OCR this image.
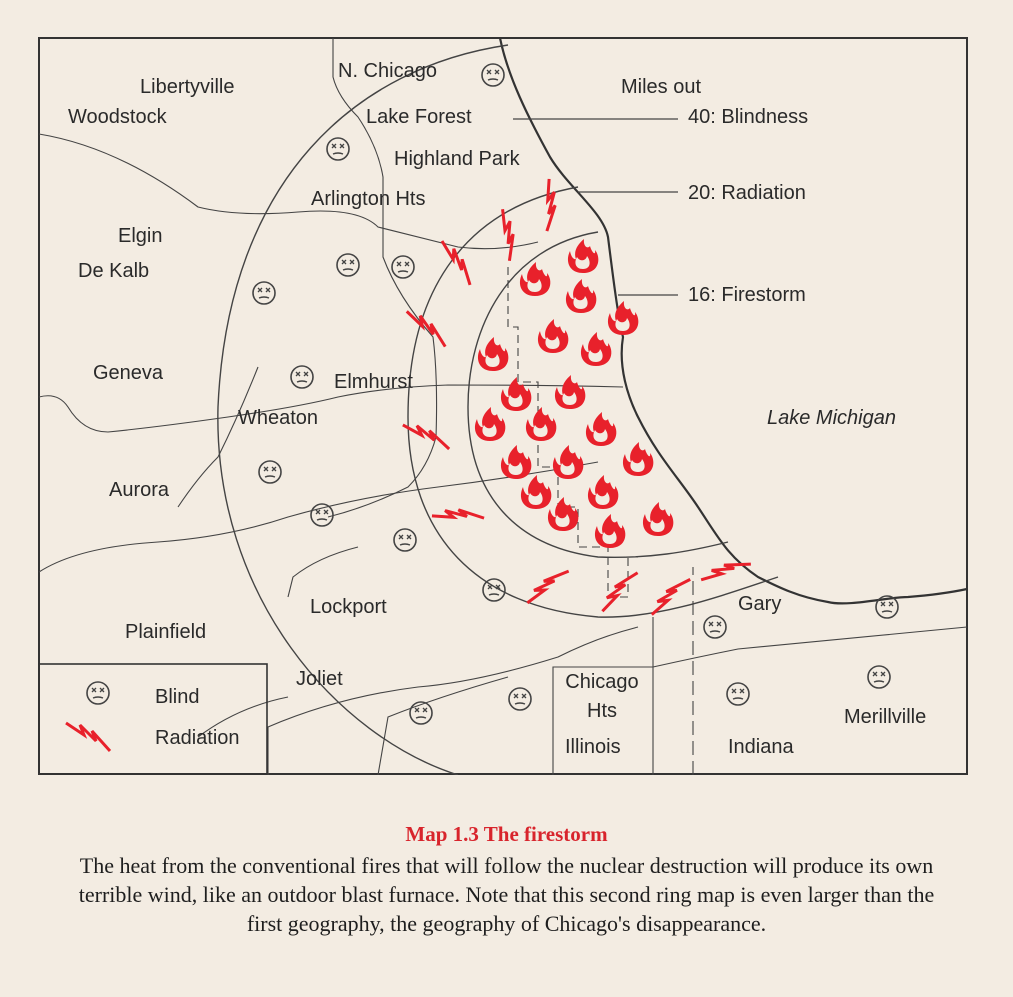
N. Chicago
Libertyville
Woodstock	Lake Forest
Highland Park
Arlington Hts
Elgin
De Kalb
Geneva	Elmhurst
Wheaton
Aurora
Lockport
Plainfield
Joliet	Chicago Hts
Illinois	Indiana
Gary
Merillville
Lake Michigan
Miles out
40: Blindness
20: Radiation
16: Firestorm
Blind
Radiation
Map 1.3 The firestorm
The heat from the conventional fires that will follow the nuclear destruction will produce its own terrible wind, like an outdoor blast furnace. Note that this second ring map is even larger than the first geography, the geography of Chicago's disappearance.
